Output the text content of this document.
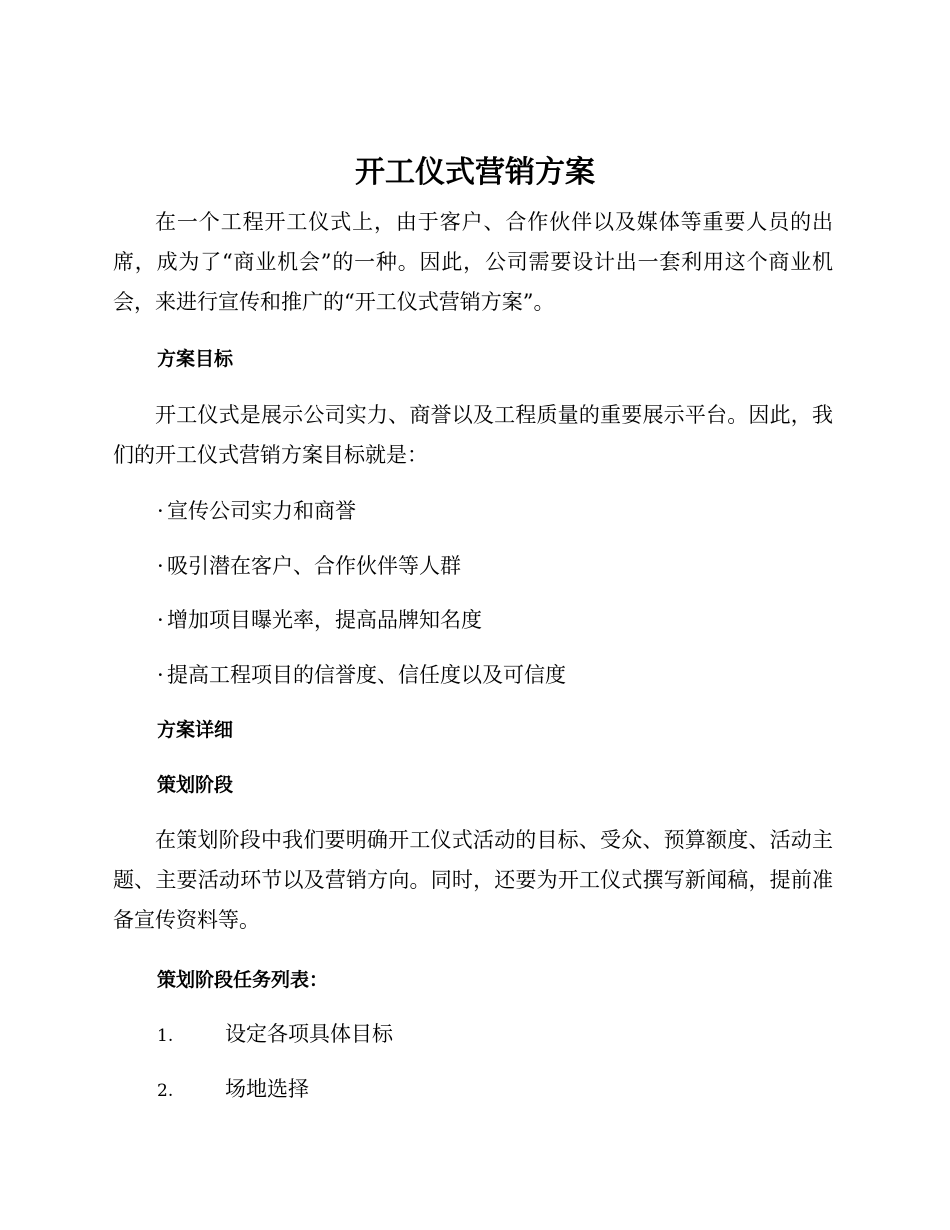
开工仪式营销方案

在一个工程开工仪式上，由于客户、合作伙伴以及媒体等重要人员的出席，成为了“商业机会”的一种。因此，公司需要设计出一套利用这个商业机会，来进行宣传和推广的“开工仪式营销方案”。

方案目标

开工仪式是展示公司实力、商誉以及工程质量的重要展示平台。因此，我们的开工仪式营销方案目标就是：

· 宣传公司实力和商誉
· 吸引潜在客户、合作伙伴等人群
· 增加项目曝光率，提高品牌知名度
· 提高工程项目的信誉度、信任度以及可信度
方案详细
策划阶段

在策划阶段中我们要明确开工仪式活动的目标、受众、预算额度、活动主题、主要活动环节以及营销方向。同时，还要为开工仪式撰写新闻稿，提前准备宣传资料等。

策划阶段任务列表：
1. 设定各项具体目标
2. 场地选择
